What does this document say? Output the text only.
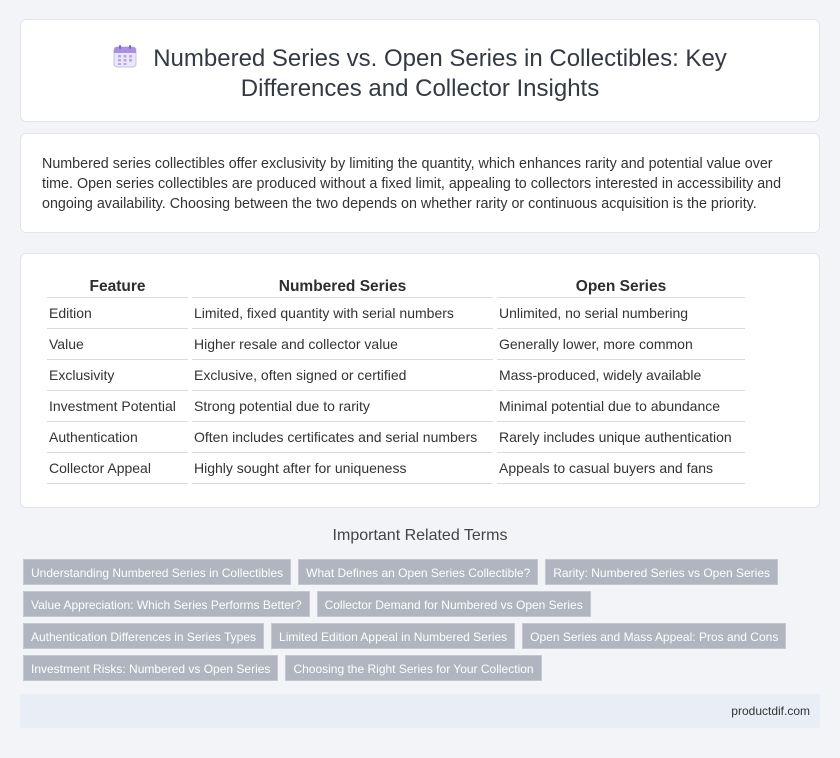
Numbered Series vs. Open Series in Collectibles: Key Differences and Collector Insights

Numbered series collectibles offer exclusivity by limiting the quantity, which enhances rarity and potential value over time. Open series collectibles are produced without a fixed limit, appealing to collectors interested in accessibility and ongoing availability. Choosing between the two depends on whether rarity or continuous acquisition is the priority.

Feature	Numbered Series	Open Series
Edition	Limited, fixed quantity with serial numbers	Unlimited, no serial numbering
Value	Higher resale and collector value	Generally lower, more common
Exclusivity	Exclusive, often signed or certified	Mass-produced, widely available
Investment Potential	Strong potential due to rarity	Minimal potential due to abundance
Authentication	Often includes certificates and serial numbers	Rarely includes unique authentication
Collector Appeal	Highly sought after for uniqueness	Appeals to casual buyers and fans
Important Related Terms
Understanding Numbered Series in Collectibles	What Defines an Open Series Collectible?	Rarity: Numbered Series vs Open Series
Value Appreciation: Which Series Performs Better?	Collector Demand for Numbered vs Open Series
Authentication Differences in Series Types	Limited Edition Appeal in Numbered Series	Open Series and Mass Appeal: Pros and Cons
Investment Risks: Numbered vs Open Series	Choosing the Right Series for Your Collection
productdif.com
